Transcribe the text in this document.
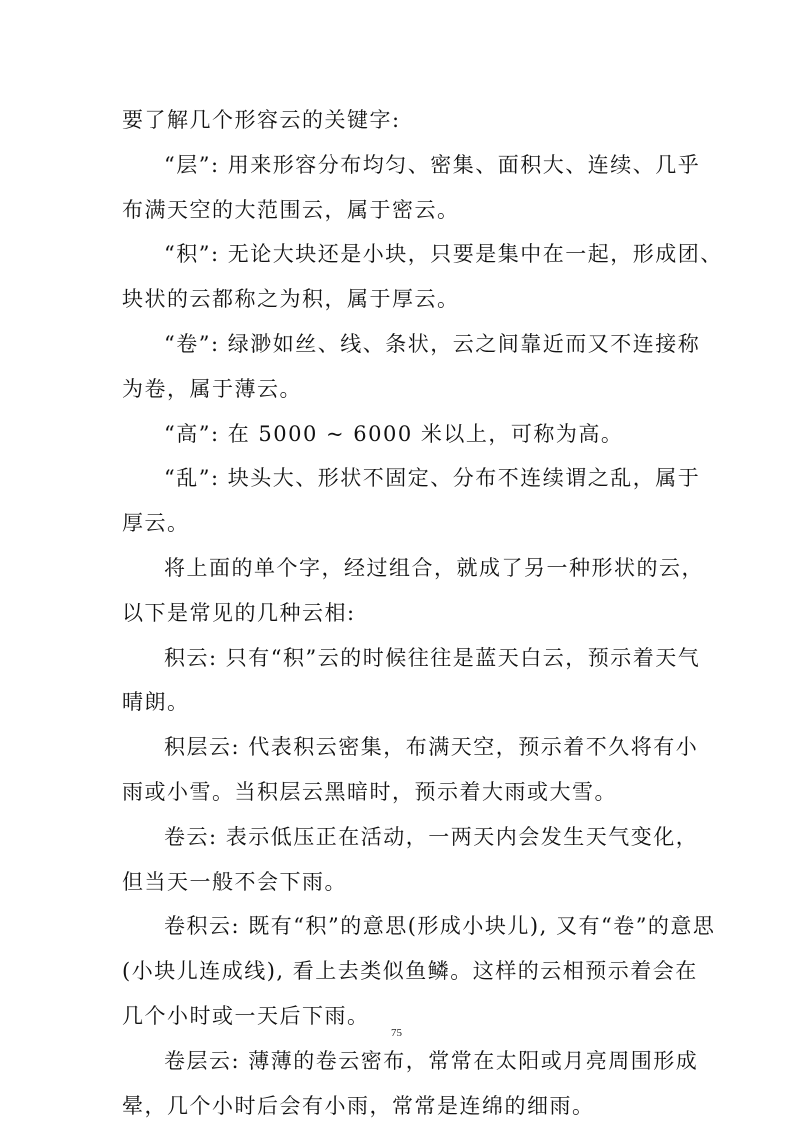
要了解几个形容云的关键字:
“层”: 用来形容分布均匀、密集、面积大、连续、几乎
布满天空的大范围云，属于密云。
“积”: 无论大块还是小块，只要是集中在一起，形成团、
块状的云都称之为积，属于厚云。
“卷”: 绿渺如丝、线、条状，云之间靠近而又不连接称
为卷，属于薄云。
“高”: 在 5000 ~ 6000 米以上，可称为高。
“乱”: 块头大、形状不固定、分布不连续谓之乱，属于
厚云。
将上面的单个字，经过组合，就成了另一种形状的云，
以下是常见的几种云相:
积云: 只有“积”云的时候往往是蓝天白云，预示着天气
晴朗。
积层云: 代表积云密集，布满天空，预示着不久将有小
雨或小雪。当积层云黑暗时，预示着大雨或大雪。
卷云: 表示低压正在活动，一两天内会发生天气变化，
但当天一般不会下雨。
卷积云: 既有“积”的意思(形成小块儿), 又有“卷”的意思
(小块儿连成线), 看上去类似鱼鳞。这样的云相预示着会在
几个小时或一天后下雨。
卷层云: 薄薄的卷云密布，常常在太阳或月亮周围形成
晕，几个小时后会有小雨，常常是连绵的细雨。
75
